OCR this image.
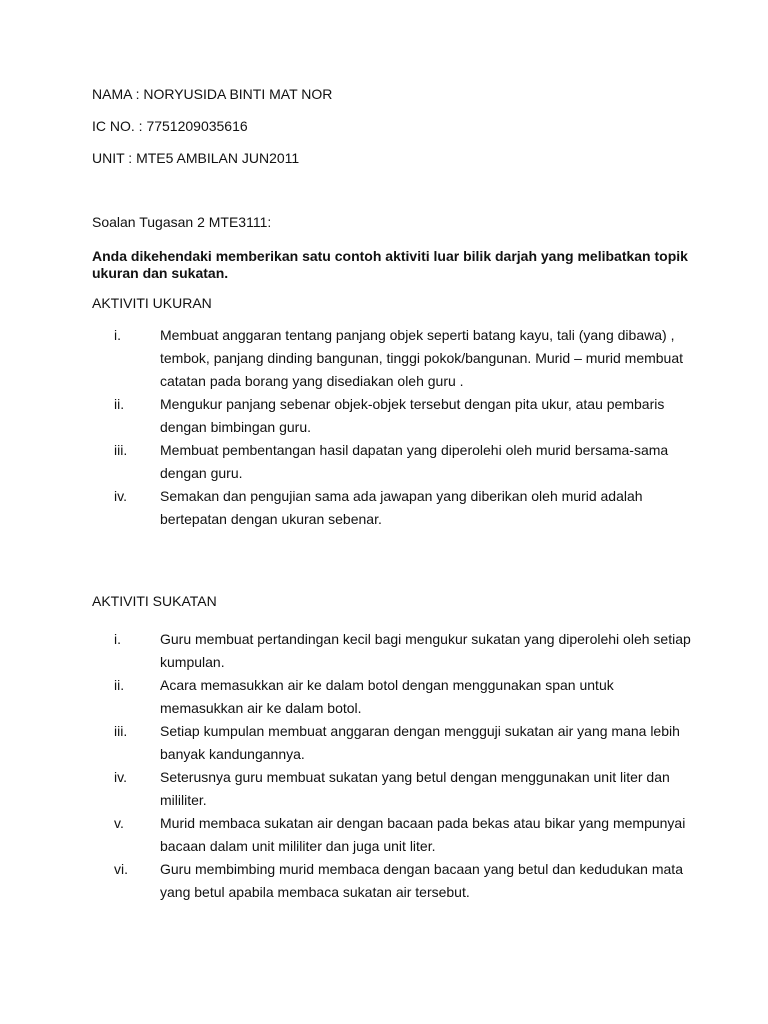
NAMA : NORYUSIDA BINTI MAT NOR
IC NO. : 7751209035616
UNIT : MTE5 AMBILAN JUN2011
Soalan Tugasan 2 MTE3111:
Anda dikehendaki memberikan satu contoh aktiviti luar bilik darjah yang melibatkan topik ukuran dan sukatan.
AKTIVITI UKURAN
i.	Membuat anggaran tentang panjang objek seperti batang kayu, tali (yang dibawa) , tembok, panjang dinding bangunan, tinggi pokok/bangunan. Murid – murid membuat catatan pada borang yang disediakan oleh guru .
ii.	Mengukur panjang sebenar objek-objek tersebut dengan pita ukur, atau pembaris dengan bimbingan guru.
iii.	Membuat pembentangan hasil dapatan yang diperolehi oleh murid bersama-sama dengan guru.
iv.	Semakan dan pengujian sama ada jawapan yang diberikan oleh murid adalah bertepatan dengan ukuran sebenar.
AKTIVITI SUKATAN
i.	Guru membuat pertandingan kecil bagi mengukur sukatan yang diperolehi oleh setiap kumpulan.
ii.	Acara memasukkan air ke dalam botol dengan menggunakan span untuk memasukkan air ke dalam botol.
iii.	Setiap kumpulan membuat anggaran dengan mengguji sukatan air yang mana lebih banyak kandungannya.
iv.	Seterusnya guru membuat sukatan yang betul dengan menggunakan unit liter dan mililiter.
v.	Murid membaca sukatan air dengan bacaan pada bekas atau bikar yang mempunyai bacaan dalam unit mililiter dan juga unit liter.
vi.	Guru membimbing murid membaca dengan bacaan yang betul dan kedudukan mata yang betul apabila membaca sukatan air tersebut.
